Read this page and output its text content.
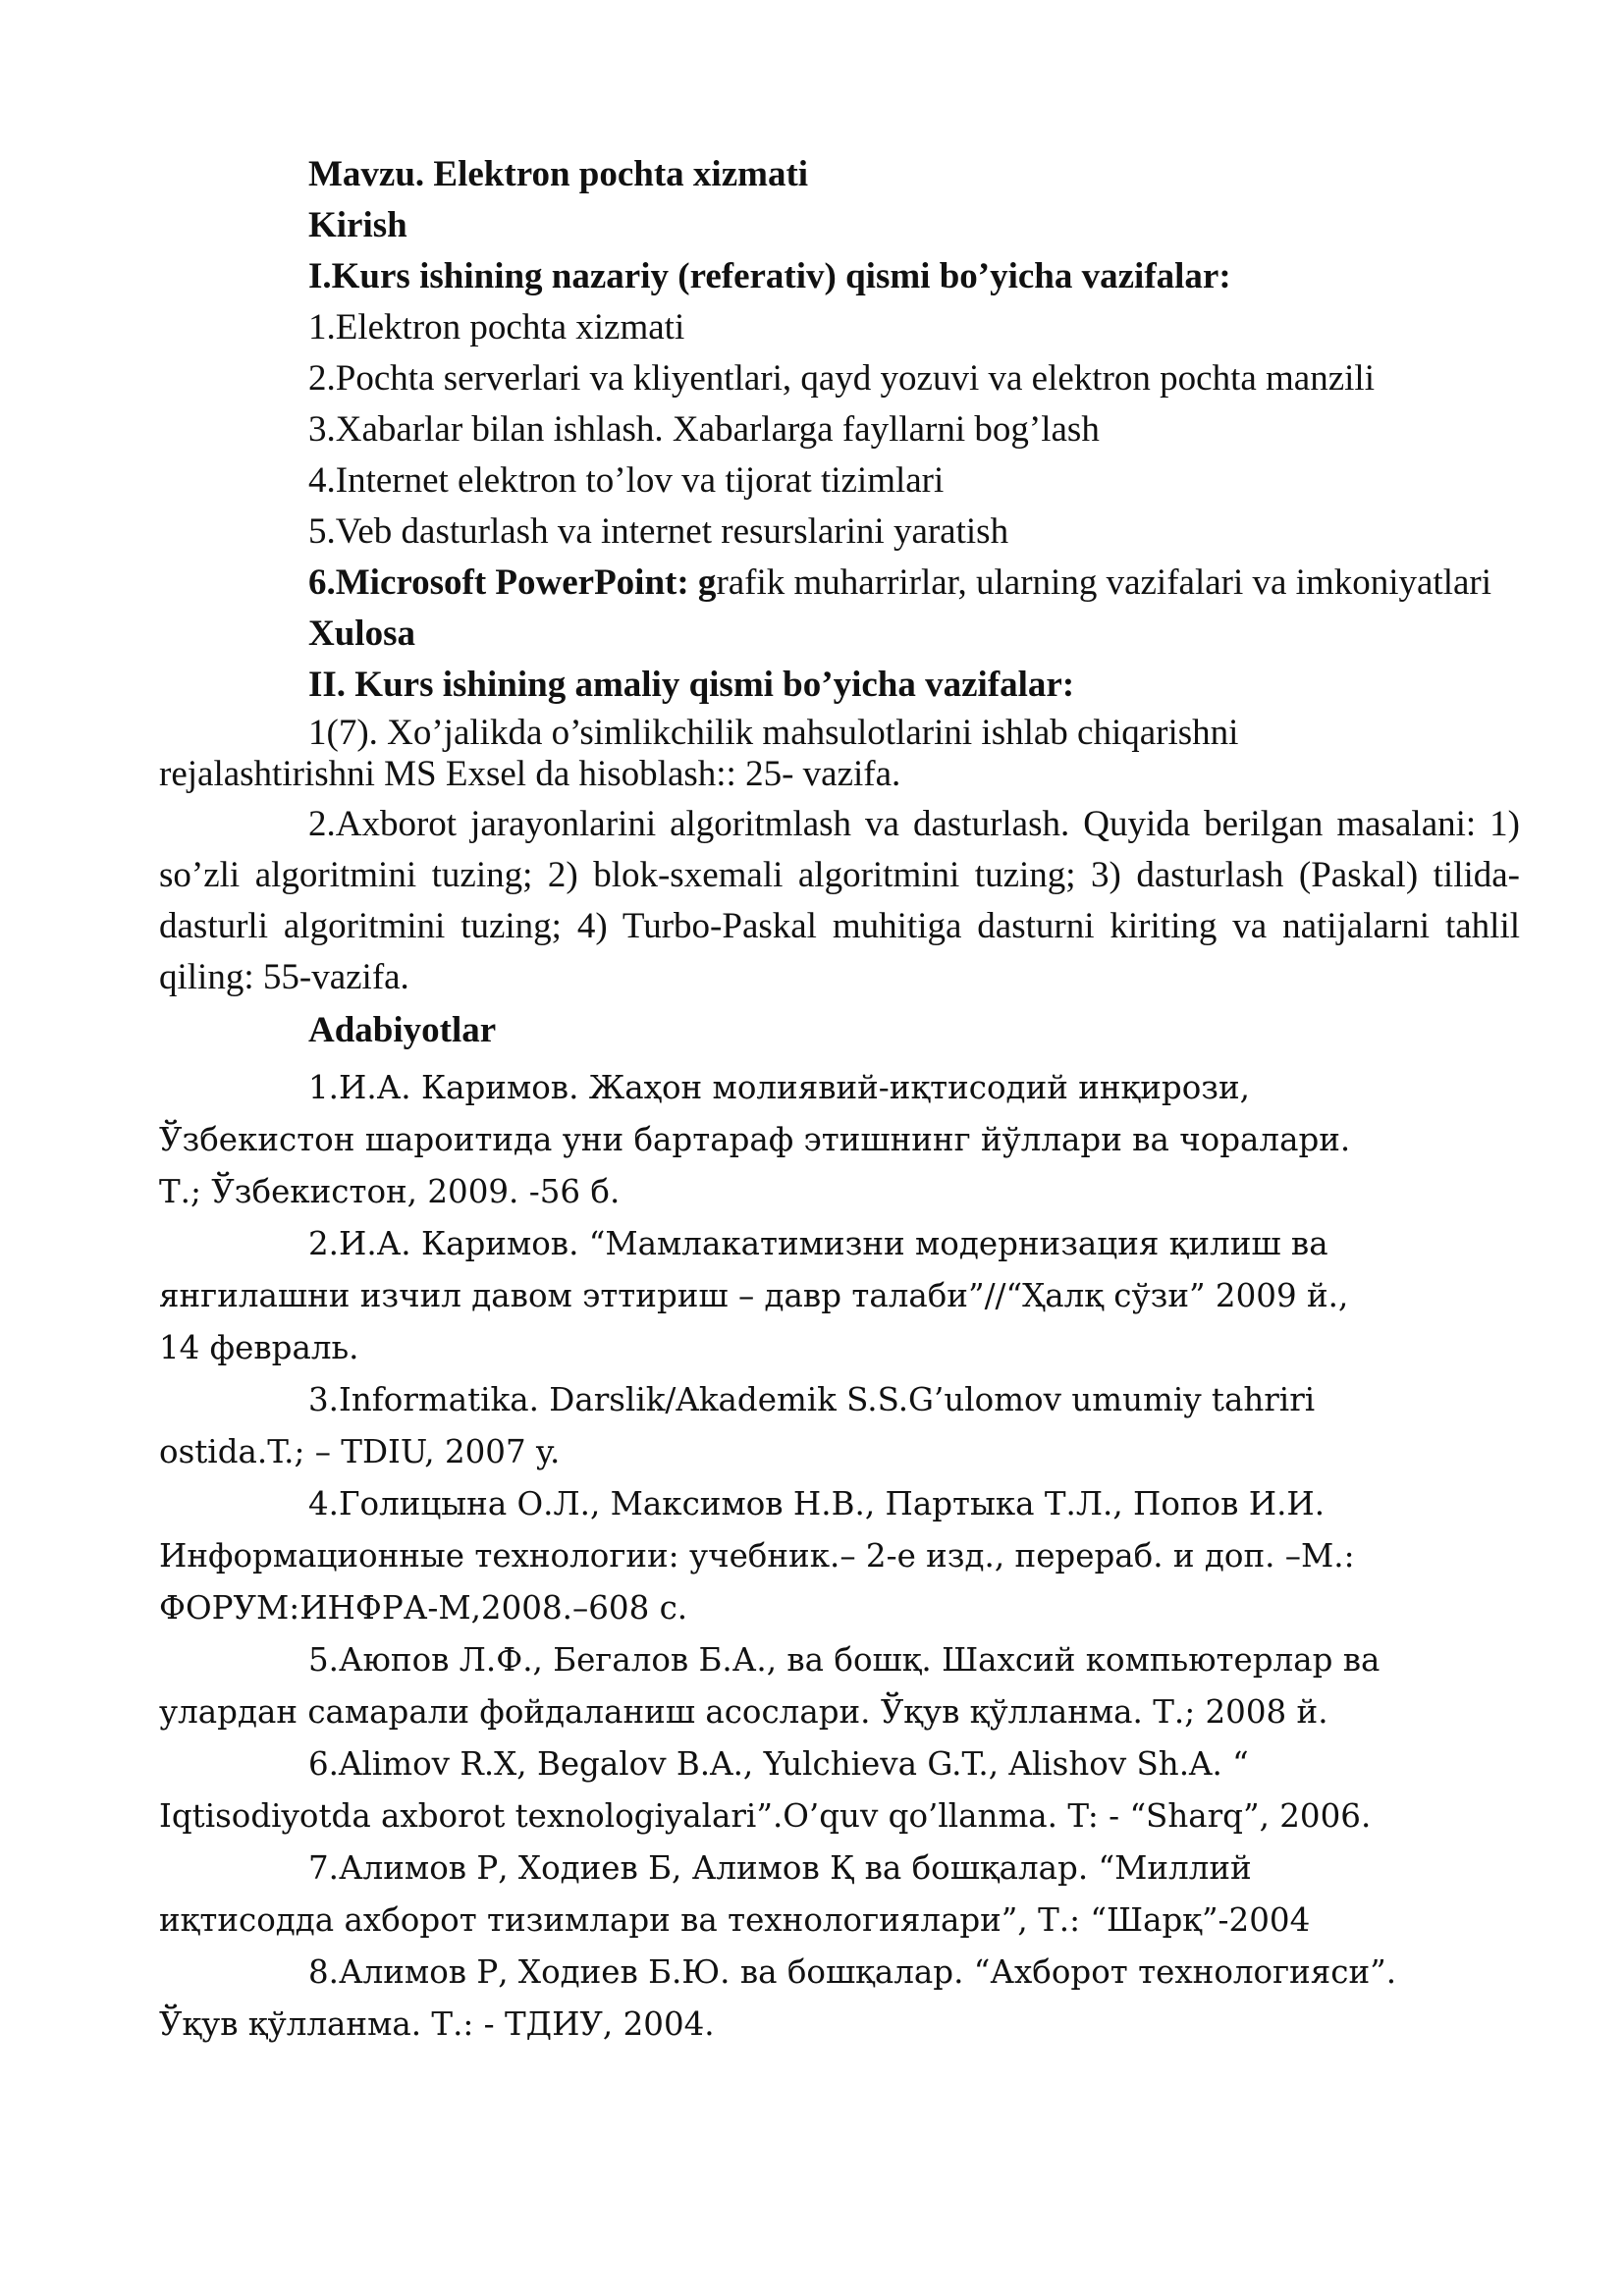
Mavzu. Elektron pochta xizmati

Kirish

I.Kurs ishining nazariy (referativ) qismi bo’yicha vazifalar:

1.Elektron pochta xizmati

2.Pochta serverlari va kliyentlari, qayd yozuvi va elektron pochta manzili

3.Xabarlar bilan ishlash. Xabarlarga fayllarni bog’lash

4.Internet elektron to’lov va tijorat tizimlari

5.Veb dasturlash va internet resurslarini yaratish

6.Microsoft PowerPoint: grafik muharrirlar, ularning vazifalari va imkoniyatlari

Xulosa

II. Kurs ishining amaliy qismi bo’yicha vazifalar:

1(7). Xo’jalikda o’simlikchilik mahsulotlarini ishlab chiqarishni

rejalashtirishni MS Exsel da hisoblash:: 25- vazifa.

2.Axborot jarayonlarini algoritmlash va dasturlash. Quyida berilgan masalani: 1) so’zli algoritmini tuzing; 2) blok-sxemali algoritmini tuzing; 3) dasturlash (Paskal) tilida-dasturli algoritmini tuzing; 4) Turbo-Paskal muhitiga dasturni kiriting va natijalarni tahlil qiling: 55-vazifa.

Adabiyotlar

1.И.А. Каримов. Жаҳон молиявий-иқтисодий инқирози,
Ўзбекистон шароитида уни бартараф этишнинг йўллари ва чоралари.
Т.; Ўзбекистон, 2009. -56 б.

2.И.А. Каримов. “Мамлакатимизни модернизация қилиш ва
янгилашни изчил давом эттириш – давр талаби”//“Ҳалқ сўзи” 2009 й.,
14 февраль.

3.Informatika. Darslik/Akademik S.S.G’ulomov umumiy tahriri
ostida.T.; – TDIU, 2007 y.

4.Голицына О.Л., Максимов Н.В., Партыка Т.Л., Попов И.И.
Информационные технологии: учебник.– 2-е изд., перераб. и доп. –М.:
ФОРУМ:ИНФРА-М,2008.–608 с.

5.Аюпов Л.Ф., Бегалов Б.А., ва бошқ. Шахсий компьютерлар ва
улардан самарали фойдаланиш асослари. Ўқув қўлланма. Т.; 2008 й.

6.Alimov R.X, Begalov B.A., Yulchieva G.T., Alishov Sh.A. “
Iqtisodiyotda axborot texnologiyalari”.O’quv qo’llanma. T: - “Sharq”, 2006.

7.Алимов Р, Ходиев Б, Алимов Қ ва бошқалар. “Миллий
иқтисодда ахборот тизимлари ва технологиялари”, Т.: “Шарқ”-2004

8.Алимов Р, Ходиев Б.Ю. ва бошқалар. “Ахборот технологияси”.
Ўқув қўлланма. Т.: - ТДИУ, 2004.
